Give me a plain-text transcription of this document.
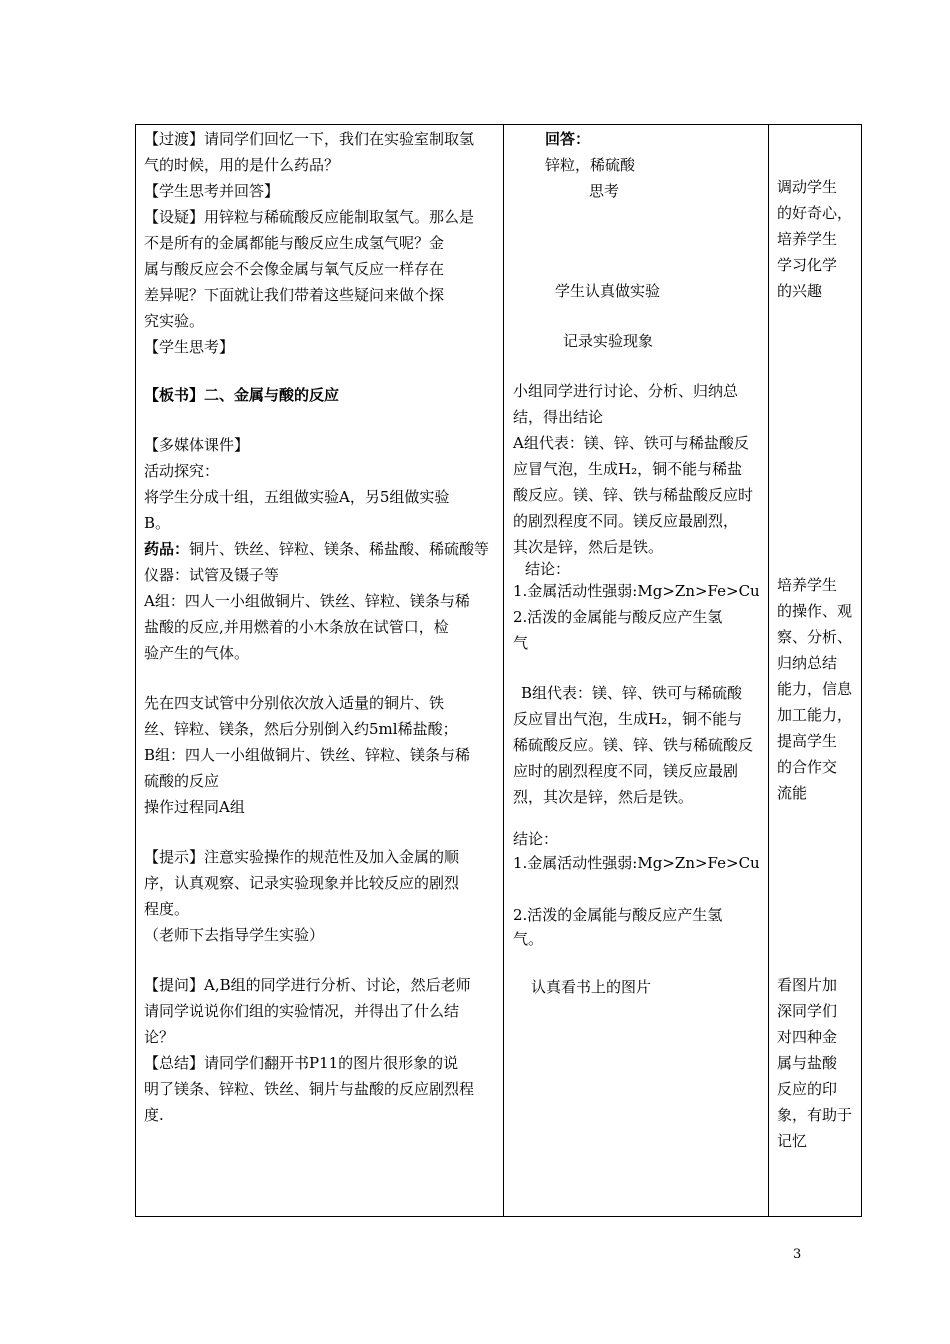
【过渡】请同学们回忆一下，我们在实验室制取氢
气的时候，用的是什么药品？
【学生思考并回答】
【设疑】用锌粒与稀硫酸反应能制取氢气。那么是
不是所有的金属都能与酸反应生成氢气呢？金
属与酸反应会不会像金属与氧气反应一样存在
差异呢？下面就让我们带着这些疑问来做个探
究实验。
【学生思考】
【板书】二、金属与酸的反应
【多媒体课件】
活动探究：
将学生分成十组，五组做实验A，另5组做实验
B。
药品：铜片、铁丝、锌粒、镁条、稀盐酸、稀硫酸等
仪器：试管及镊子等
A组：四人一小组做铜片、铁丝、锌粒、镁条与稀
盐酸的反应,并用燃着的小木条放在试管口，检
验产生的气体。
先在四支试管中分别依次放入适量的铜片、铁
丝、锌粒、镁条，然后分别倒入约5ml稀盐酸；
B组：四人一小组做铜片、铁丝、锌粒、镁条与稀
硫酸的反应
操作过程同A组
【提示】注意实验操作的规范性及加入金属的顺
序，认真观察、记录实验现象并比较反应的剧烈
程度。
（老师下去指导学生实验）
【提问】A,B组的同学进行分析、讨论，然后老师
请同学说说你们组的实验情况，并得出了什么结
论？
【总结】请同学们翻开书P11的图片很形象的说
明了镁条、锌粒、铁丝、铜片与盐酸的反应剧烈程
度.
回答：
锌粒，稀硫酸
思考
学生认真做实验
记录实验现象
小组同学进行讨论、分析、归纳总
结，得出结论
A组代表：镁、锌、铁可与稀盐酸反
应冒气泡，生成H₂，铜不能与稀盐
酸反应。镁、锌、铁与稀盐酸反应时
的剧烈程度不同。镁反应最剧烈，
其次是锌，然后是铁。
结论：
1.金属活动性强弱:Mg>Zn>Fe>Cu
2.活泼的金属能与酸反应产生氢
气
B组代表：镁、锌、铁可与稀硫酸
反应冒出气泡，生成H₂，铜不能与
稀硫酸反应。镁、锌、铁与稀硫酸反
应时的剧烈程度不同，镁反应最剧
烈，其次是锌，然后是铁。
结论：
1.金属活动性强弱:Mg>Zn>Fe>Cu
2.活泼的金属能与酸反应产生氢
气。
认真看书上的图片
调动学生
的好奇心，
培养学生
学习化学
的兴趣
培养学生
的操作、观
察、分析、
归纳总结
能力，信息
加工能力，
提高学生
的合作交
流能
看图片加
深同学们
对四种金
属与盐酸
反应的印
象，有助于
记忆
3
